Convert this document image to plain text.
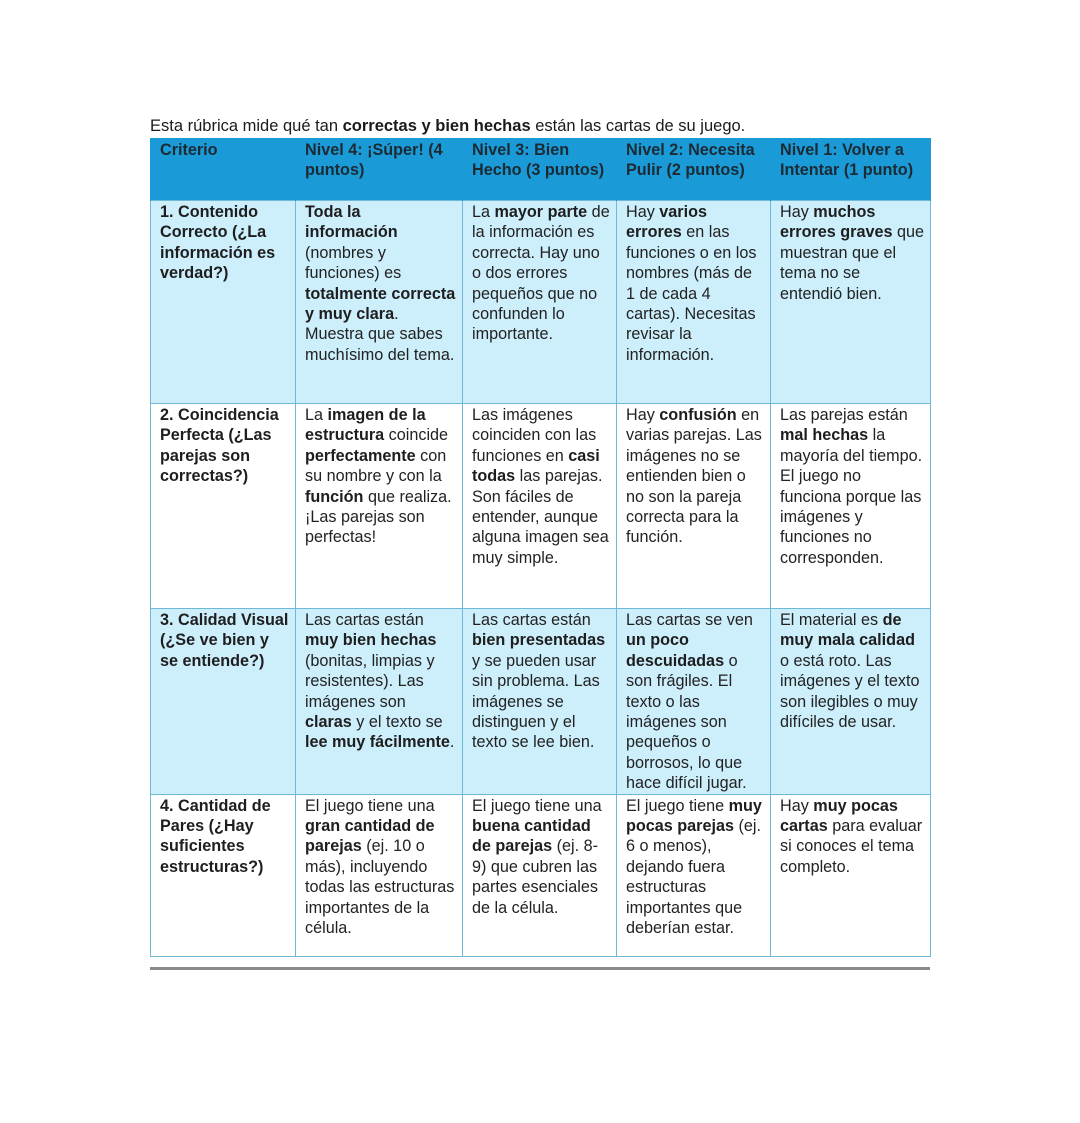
Esta rúbrica mide qué tan correctas y bien hechas están las cartas de su juego.
Criterio	Nivel 4: ¡Súper! (4 puntos)	Nivel 3: Bien Hecho (3 puntos)	Nivel 2: Necesita Pulir (2 puntos)	Nivel 1: Volver a Intentar (1 punto)
1. Contenido Correcto (¿La información es verdad?)	Toda la información (nombres y funciones) es totalmente correcta y muy clara. Muestra que sabes muchísimo del tema.	La mayor parte de la información es correcta. Hay uno o dos errores pequeños que no confunden lo importante.	Hay varios errores en las funciones o en los nombres (más de 1 de cada 4 cartas). Necesitas revisar la información.	Hay muchos errores graves que muestran que el tema no se entendió bien.
2. Coincidencia Perfecta (¿Las parejas son correctas?)	La imagen de la estructura coincide perfectamente con su nombre y con la función que realiza. ¡Las parejas son perfectas!	Las imágenes coinciden con las funciones en casi todas las parejas. Son fáciles de entender, aunque alguna imagen sea muy simple.	Hay confusión en varias parejas. Las imágenes no se entienden bien o no son la pareja correcta para la función.	Las parejas están mal hechas la mayoría del tiempo. El juego no funciona porque las imágenes y funciones no corresponden.
3. Calidad Visual (¿Se ve bien y se entiende?)	Las cartas están muy bien hechas (bonitas, limpias y resistentes). Las imágenes son claras y el texto se lee muy fácilmente.	Las cartas están bien presentadas y se pueden usar sin problema. Las imágenes se distinguen y el texto se lee bien.	Las cartas se ven un poco descuidadas o son frágiles. El texto o las imágenes son pequeños o borrosos, lo que hace difícil jugar.	El material es de muy mala calidad o está roto. Las imágenes y el texto son ilegibles o muy difíciles de usar.
4. Cantidad de Pares (¿Hay suficientes estructuras?)	El juego tiene una gran cantidad de parejas (ej. 10 o más), incluyendo todas las estructuras importantes de la célula.	El juego tiene una buena cantidad de parejas (ej. 8-9) que cubren las partes esenciales de la célula.	El juego tiene muy pocas parejas (ej. 6 o menos), dejando fuera estructuras importantes que deberían estar.	Hay muy pocas cartas para evaluar si conoces el tema completo.
